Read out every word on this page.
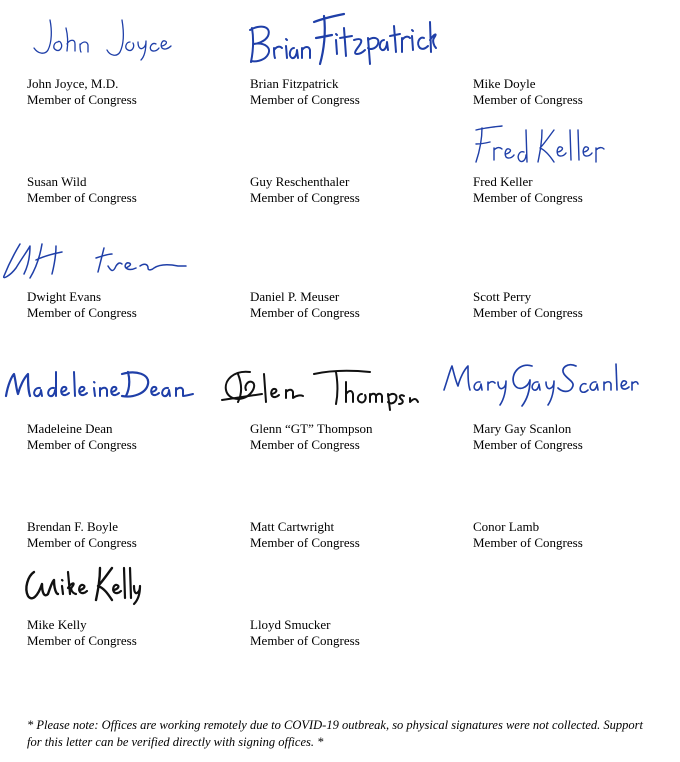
John Joyce, M.D.
Member of Congress
Brian Fitzpatrick
Member of Congress
Mike Doyle
Member of Congress
Susan Wild
Member of Congress
Guy Reschenthaler
Member of Congress
Fred Keller
Member of Congress
Dwight Evans
Member of Congress
Daniel P. Meuser
Member of Congress
Scott Perry
Member of Congress
Madeleine Dean
Member of Congress
Glenn “GT” Thompson
Member of Congress
Mary Gay Scanlon
Member of Congress
Brendan F. Boyle
Member of Congress
Matt Cartwright
Member of Congress
Conor Lamb
Member of Congress
Mike Kelly
Member of Congress
Lloyd Smucker
Member of Congress
* Please note: Offices are working remotely due to COVID-19 outbreak, so physical signatures were not collected. Support for this letter can be verified directly with signing offices. *
